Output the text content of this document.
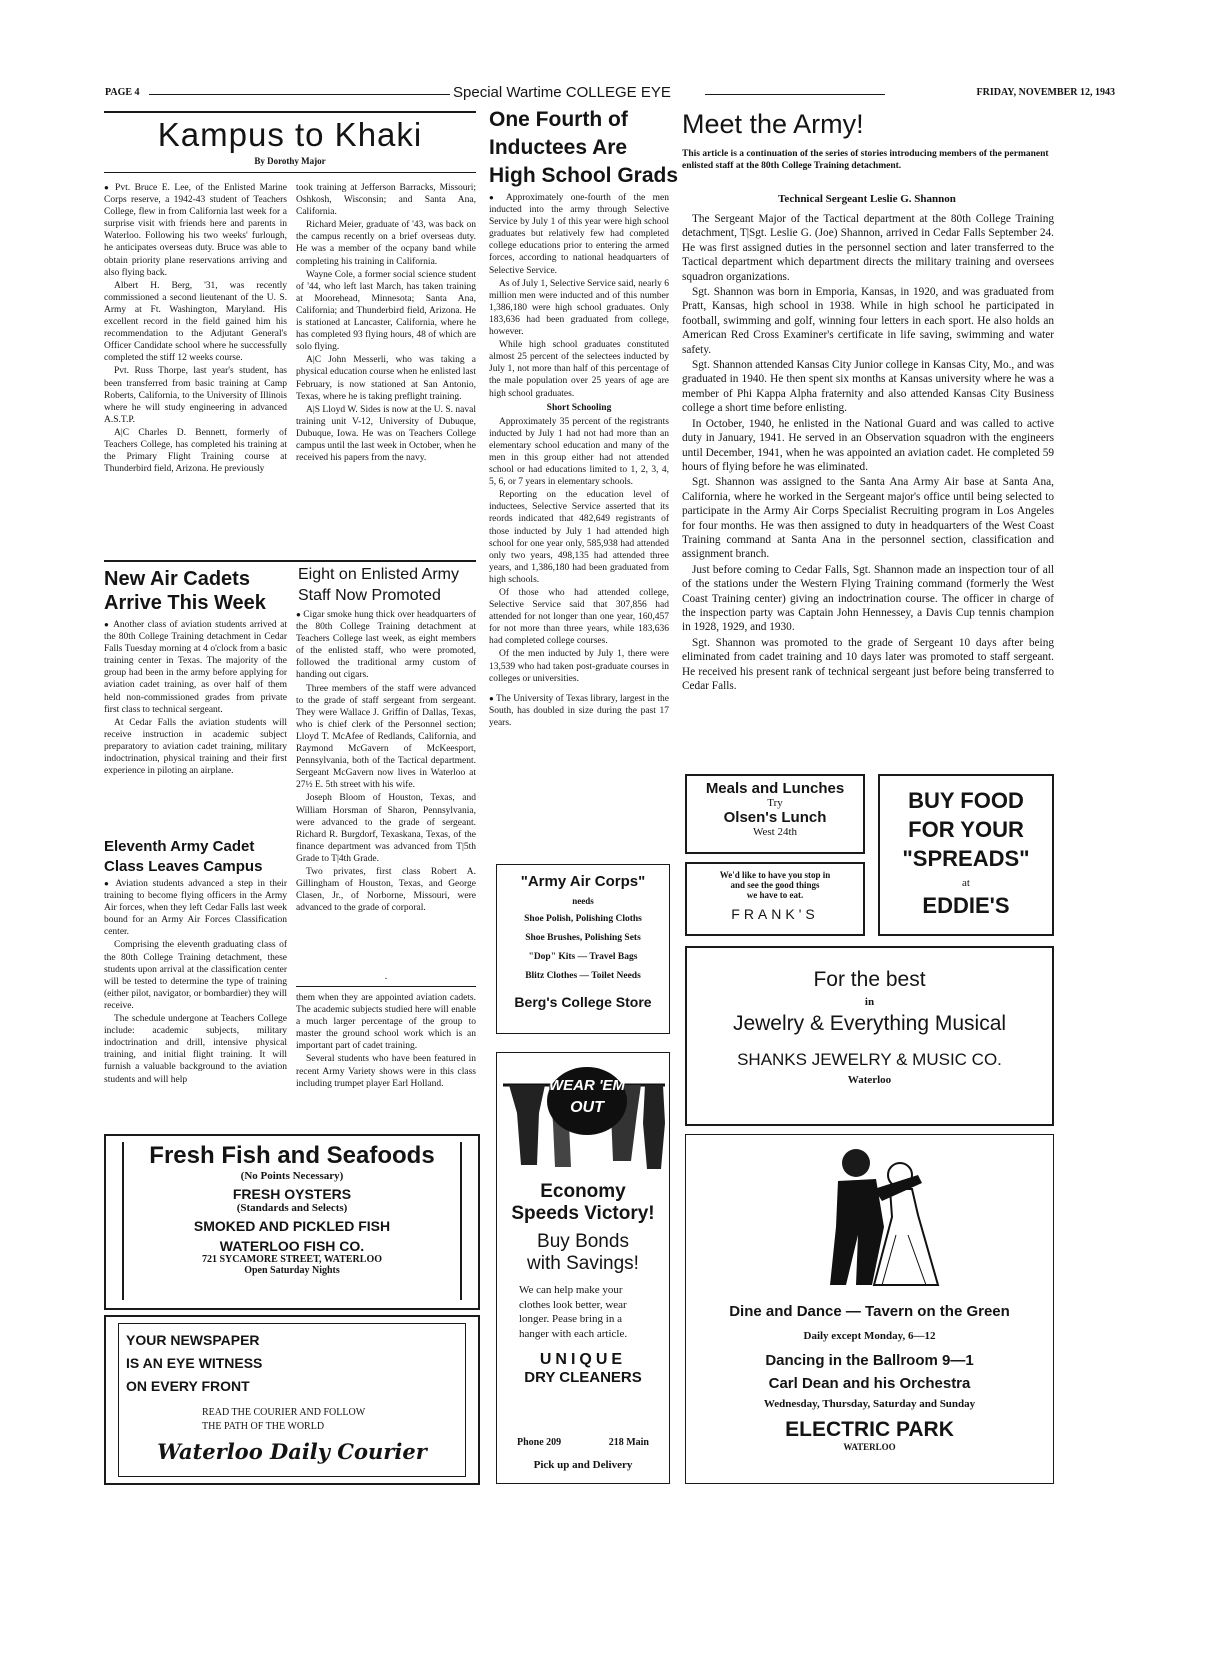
PAGE 4	Special Wartime COLLEGE EYE	FRIDAY, NOVEMBER 12, 1943
Kampus to Khaki
By Dorothy Major

● Pvt. Bruce E. Lee, of the Enlisted Marine Corps reserve, a 1942-43 student of Teachers College, flew in from California last week for a surprise visit with friends here and parents in Waterloo. Following his two weeks' furlough, he anticipates overseas duty. Bruce was able to obtain priority plane reservations arriving and also flying back.

Albert H. Berg, '31, was recently commissioned a second lieutenant of the U. S. Army at Ft. Washington, Maryland. His excellent record in the field gained him his recommendation to the Adjutant General's Officer Candidate school where he successfully completed the stiff 12 weeks course.

Pvt. Russ Thorpe, last year's student, has been transferred from basic training at Camp Roberts, California, to the University of Illinois where he will study engineering in advanced A.S.T.P.

A|C Charles D. Bennett, formerly of Teachers College, has completed his training at the Primary Flight Training course at Thunderbird field, Arizona. He previously

took training at Jefferson Barracks, Missouri; Oshkosh, Wisconsin; and Santa Ana, California.

Richard Meier, graduate of '43, was back on the campus recently on a brief overseas duty. He was a member of the ocpany band while completing his training in California.

Wayne Cole, a former social science student of '44, who left last March, has taken training at Moorehead, Minnesota; Santa Ana, California; and Thunderbird field, Arizona. He is stationed at Lancaster, California, where he has completed 93 flying hours, 48 of which are solo flying.

A|C John Messerli, who was taking a physical education course when he enlisted last February, is now stationed at San Antonio, Texas, where he is taking preflight training.

A|S Lloyd W. Sides is now at the U. S. naval training unit V-12, University of Dubuque, Dubuque, Iowa. He was on Teachers College campus until the last week in October, when he received his papers from the navy.

New Air Cadets
Arrive This Week

● Another class of aviation students arrived at the 80th College Training detachment in Cedar Falls Tuesday morning at 4 o'clock from a basic training center in Texas. The majority of the group had been in the army before applying for aviation cadet training, as over half of them held non-commissioned grades from private first class to technical sergeant.

At Cedar Falls the aviation students will receive instruction in academic subject preparatory to aviation cadet training, military indoctrination, physical training and their first experience in piloting an airplane.

Eleventh Army Cadet
Class Leaves Campus

● Aviation students advanced a step in their training to become flying officers in the Army Air forces, when they left Cedar Falls last week bound for an Army Air Forces Classification center.

Comprising the eleventh graduating class of the 80th College Training detachment, these students upon arrival at the classification center will be tested to determine the type of training (either pilot, navigator, or bombardier) they will receive.

The schedule undergone at Teachers College include: academic subjects, military indoctrination and drill, intensive physical training, and initial flight training. It will furnish a valuable background to the aviation students and will help

Eight on Enlisted Army
Staff Now Promoted

● Cigar smoke hung thick over headquarters of the 80th College Training detachment at Teachers College last week, as eight members of the enlisted staff, who were promoted, followed the traditional army custom of handing out cigars.

Three members of the staff were advanced to the grade of staff sergeant from sergeant. They were Wallace J. Griffin of Dallas, Texas, who is chief clerk of the Personnel section; Lloyd T. McAfee of Redlands, California, and Raymond McGavern of McKeesport, Pennsylvania, both of the Tactical department. Sergeant McGavern now lives in Waterloo at 27½ E. 5th street with his wife.

Joseph Bloom of Houston, Texas, and William Horsman of Sharon, Pennsylvania, were advanced to the grade of sergeant. Richard R. Burgdorf, Texaskana, Texas, of the finance department was advanced from T|5th Grade to T|4th Grade.

Two privates, first class Robert A. Gillingham of Houston, Texas, and George Clasen, Jr., of Norborne, Missouri, were advanced to the grade of corporal.

·

them when they are appointed aviation cadets. The academic subjects studied here will enable a much larger percentage of the group to master the ground school work which is an important part of cadet training.

Several students who have been featured in recent Army Variety shows were in this class including trumpet player Earl Holland.

One Fourth of
Inductees Are
High School Grads

● Approximately one-fourth of the men inducted into the army through Selective Service by July 1 of this year were high school graduates but relatively few had completed college educations prior to entering the armed forces, according to national headquarters of Selective Service.

As of July 1, Selective Service said, nearly 6 million men were inducted and of this number 1,386,180 were high school graduates. Only 183,636 had been graduated from college, however.

While high school graduates constituted almost 25 percent of the selectees inducted by July 1, not more than half of this percentage of the male population over 25 years of age are high school graduates.

Short Schooling

Approximately 35 percent of the registrants inducted by July 1 had not had more than an elementary school education and many of the men in this group either had not attended school or had educations limited to 1, 2, 3, 4, 5, 6, or 7 years in elementary schools.

Reporting on the education level of inductees, Selective Service asserted that its reords indicated that 482,649 registrants of those inducted by July 1 had attended high school for one year only, 585,938 had attended only two years, 498,135 had attended three years, and 1,386,180 had been graduated from high schools.

Of those who had attended college, Selective Service said that 307,856 had attended for not longer than one year, 160,457 for not more than three years, while 183,636 had completed college courses.

Of the men inducted by July 1, there were 13,539 who had taken post-graduate courses in colleges or universities.

● The University of Texas library, largest in the South, has doubled in size during the past 17 years.

Meet the Army!
This article is a continuation of the series of stories introducing members of the permanent enlisted staff at the 80th College Training detachment.
Technical Sergeant Leslie G. Shannon

The Sergeant Major of the Tactical department at the 80th College Training detachment, T|Sgt. Leslie G. (Joe) Shannon, arrived in Cedar Falls September 24. He was first assigned duties in the personnel section and later transferred to the Tactical department which department directs the military training and oversees squadron organizations.

Sgt. Shannon was born in Emporia, Kansas, in 1920, and was graduated from Pratt, Kansas, high school in 1938. While in high school he participated in football, swimming and golf, winning four letters in each sport. He also holds an American Red Cross Examiner's certificate in life saving, swimming and water safety.

Sgt. Shannon attended Kansas City Junior college in Kansas City, Mo., and was graduated in 1940. He then spent six months at Kansas university where he was a member of Phi Kappa Alpha fraternity and also attended Kansas City Business college a short time before enlisting.

In October, 1940, he enlisted in the National Guard and was called to active duty in January, 1941. He served in an Observation squadron with the engineers until December, 1941, when he was appointed an aviation cadet. He completed 59 hours of flying before he was eliminated.

Sgt. Shannon was assigned to the Santa Ana Army Air base at Santa Ana, California, where he worked in the Sergeant major's office until being selected to participate in the Army Air Corps Specialist Recruiting program in Los Angeles for four months. He was then assigned to duty in headquarters of the West Coast Training command at Santa Ana in the personnel section, classification and assignment branch.

Just before coming to Cedar Falls, Sgt. Shannon made an inspection tour of all of the stations under the Western Flying Training command (formerly the West Coast Training center) giving an indoctrination course. The officer in charge of the inspection party was Captain John Hennessey, a Davis Cup tennis champion in 1928, 1929, and 1930.

Sgt. Shannon was promoted to the grade of Sergeant 10 days after being eliminated from cadet training and 10 days later was promoted to staff sergeant. He received his present rank of technical sergeant just before being transferred to Cedar Falls.

Meals and Lunches
Try
Olsen's Lunch
West 24th
We'd like to have you stop in
and see the good things
we have to eat.
FRANK'S
BUY FOOD
FOR YOUR
"SPREADS"
at
EDDIE'S
For the best
in
Jewelry & Everything Musical
SHANKS JEWELRY & MUSIC CO.
Waterloo
"Army Air Corps"
needs
Shoe Polish, Polishing Cloths
Shoe Brushes, Polishing Sets
"Dop" Kits — Travel Bags
Blitz Clothes — Toilet Needs
Berg's College Store
WEAR 'EM
OUT
Economy
Speeds Victory!
Buy Bonds
with Savings!
We can help make your clothes look better, wear longer. Pease bring in a hanger with each article.
UNIQUE
DRY CLEANERS
Phone 209	218 Main
Pick up and Delivery
Fresh Fish and Seafoods
(No Points Necessary)
FRESH OYSTERS
(Standards and Selects)
SMOKED AND PICKLED FISH
WATERLOO FISH CO.
721 SYCAMORE STREET, WATERLOO
Open Saturday Nights
YOUR NEWSPAPER
IS AN EYE WITNESS
ON EVERY FRONT
READ THE COURIER AND FOLLOW
THE PATH OF THE WORLD
Waterloo Daily Courier
Dine and Dance — Tavern on the Green
Daily except Monday, 6—12
Dancing in the Ballroom 9—1
Carl Dean and his Orchestra
Wednesday, Thursday, Saturday and Sunday
ELECTRIC PARK
WATERLOO
